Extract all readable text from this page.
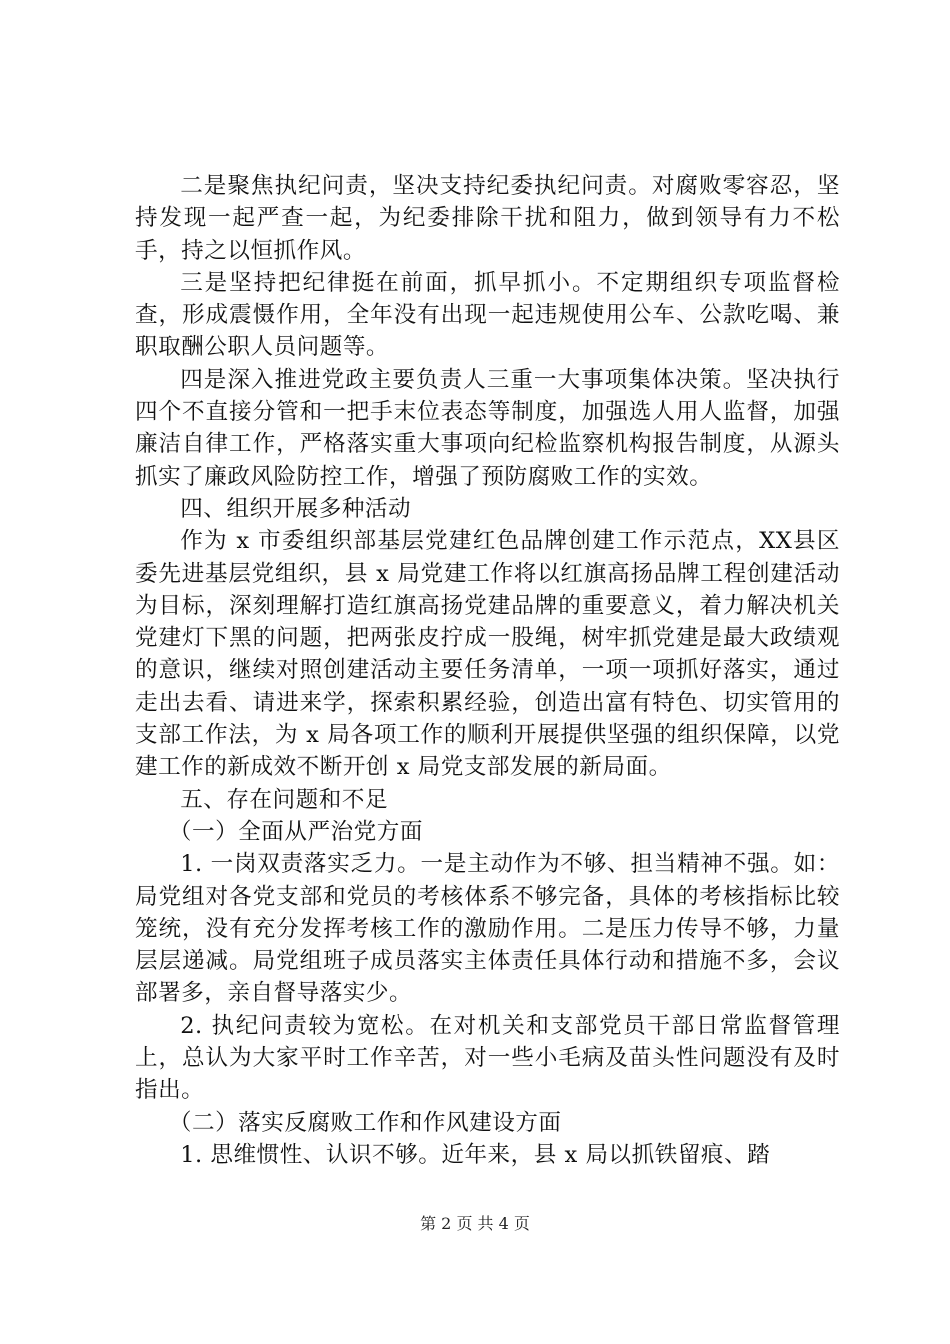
二是聚焦执纪问责，坚决支持纪委执纪问责。对腐败零容忍，坚持发现一起严查一起，为纪委排除干扰和阻力，做到领导有力不松手，持之以恒抓作风。

三是坚持把纪律挺在前面，抓早抓小。不定期组织专项监督检查，形成震慑作用，全年没有出现一起违规使用公车、公款吃喝、兼职取酬公职人员问题等。

四是深入推进党政主要负责人三重一大事项集体决策。坚决执行四个不直接分管和一把手末位表态等制度，加强选人用人监督，加强廉洁自律工作，严格落实重大事项向纪检监察机构报告制度，从源头抓实了廉政风险防控工作，增强了预防腐败工作的实效。

四、组织开展多种活动

作为 x 市委组织部基层党建红色品牌创建工作示范点，XX县区委先进基层党组织，县 x 局党建工作将以红旗高扬品牌工程创建活动为目标，深刻理解打造红旗高扬党建品牌的重要意义，着力解决机关党建灯下黑的问题，把两张皮拧成一股绳，树牢抓党建是最大政绩观的意识，继续对照创建活动主要任务清单，一项一项抓好落实，通过走出去看、请进来学，探索积累经验，创造出富有特色、切实管用的支部工作法，为 x 局各项工作的顺利开展提供坚强的组织保障，以党建工作的新成效不断开创 x 局党支部发展的新局面。

五、存在问题和不足

（一）全面从严治党方面

1. 一岗双责落实乏力。一是主动作为不够、担当精神不强。如：局党组对各党支部和党员的考核体系不够完备，具体的考核指标比较笼统，没有充分发挥考核工作的激励作用。二是压力传导不够，力量层层递减。局党组班子成员落实主体责任具体行动和措施不多，会议部署多，亲自督导落实少。

2. 执纪问责较为宽松。在对机关和支部党员干部日常监督管理上，总认为大家平时工作辛苦，对一些小毛病及苗头性问题没有及时指出。

（二）落实反腐败工作和作风建设方面

1. 思维惯性、认识不够。近年来，县 x 局以抓铁留痕、踏

第 2 页 共 4 页
